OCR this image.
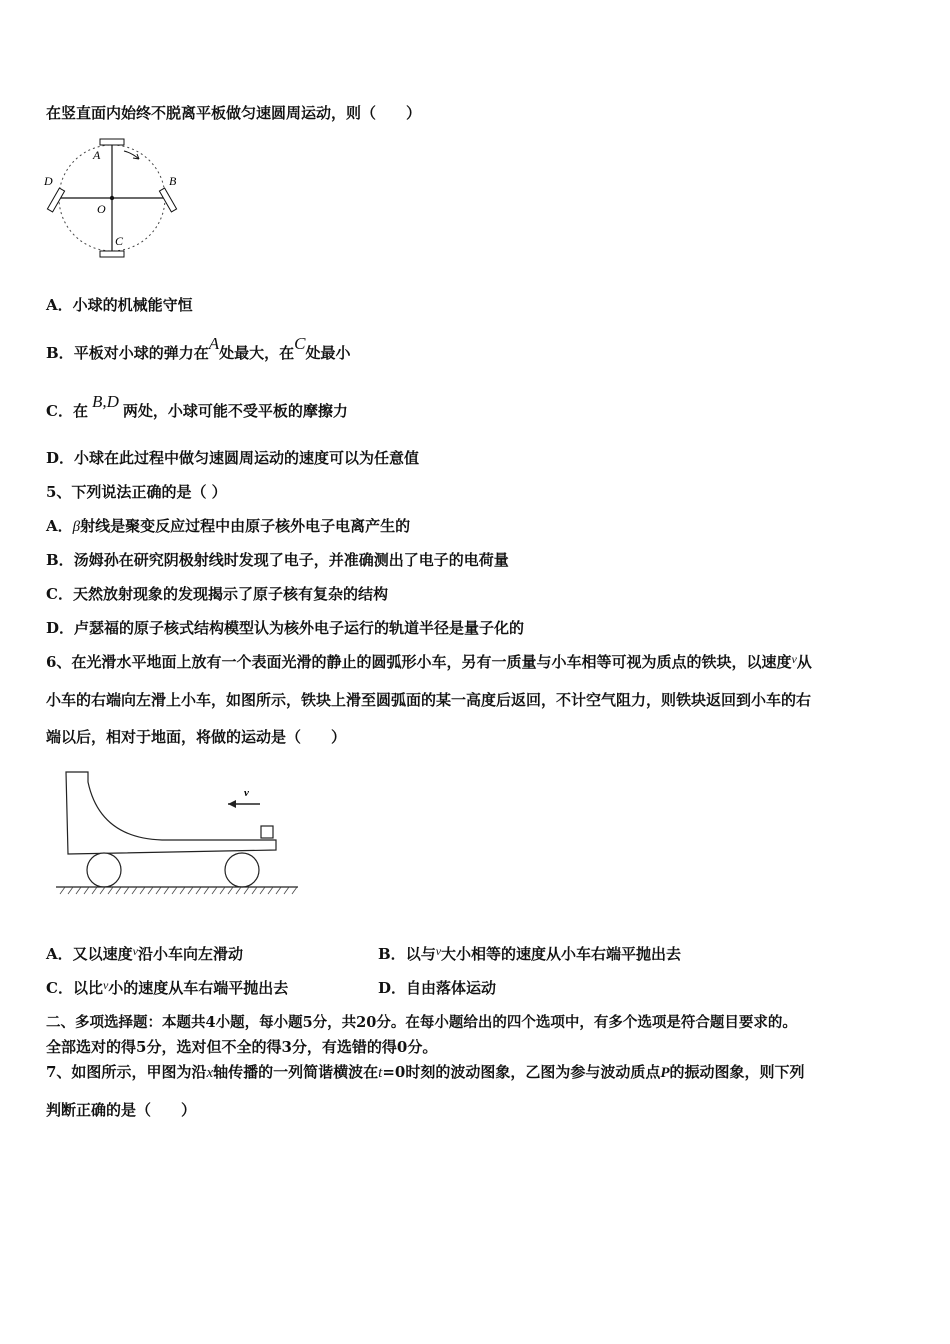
在竖直面内始终不脱离平板做匀速圆周运动，则（　　）
A
B
C
D
O
A．小球的机械能守恒
B．平板对小球的弹力在A处最大，在C处最小
C．在 B,D 两处，小球可能不受平板的摩擦力
D．小球在此过程中做匀速圆周运动的速度可以为任意值
5、下列说法正确的是（ ）
A．β射线是聚变反应过程中由原子核外电子电离产生的
B．汤姆孙在研究阴极射线时发现了电子，并准确测出了电子的电荷量
C．天然放射现象的发现揭示了原子核有复杂的结构
D．卢瑟福的原子核式结构模型认为核外电子运行的轨道半径是量子化的
6、在光滑水平地面上放有一个表面光滑的静止的圆弧形小车，另有一质量与小车相等可视为质点的铁块，以速度$^v$从
小车的右端向左滑上小车，如图所示，铁块上滑至圆弧面的某一高度后返回，不计空气阻力，则铁块返回到小车的右
端以后，相对于地面，将做的运动是（　　）
v
A．又以速度$^v$沿小车向左滑动	B．以与$^v$大小相等的速度从小车右端平抛出去
C．以比$^v$小的速度从车右端平抛出去	D．自由落体运动
二、多项选择题：本题共4小题，每小题5分，共20分。在每小题给出的四个选项中，有多个选项是符合题目要求的。
全部选对的得5分，选对但不全的得3分，有选错的得0分。
7、如图所示，甲图为沿x轴传播的一列简谐横波在t=0时刻的波动图象，乙图为参与波动质点P的振动图象，则下列
判断正确的是（　　）
